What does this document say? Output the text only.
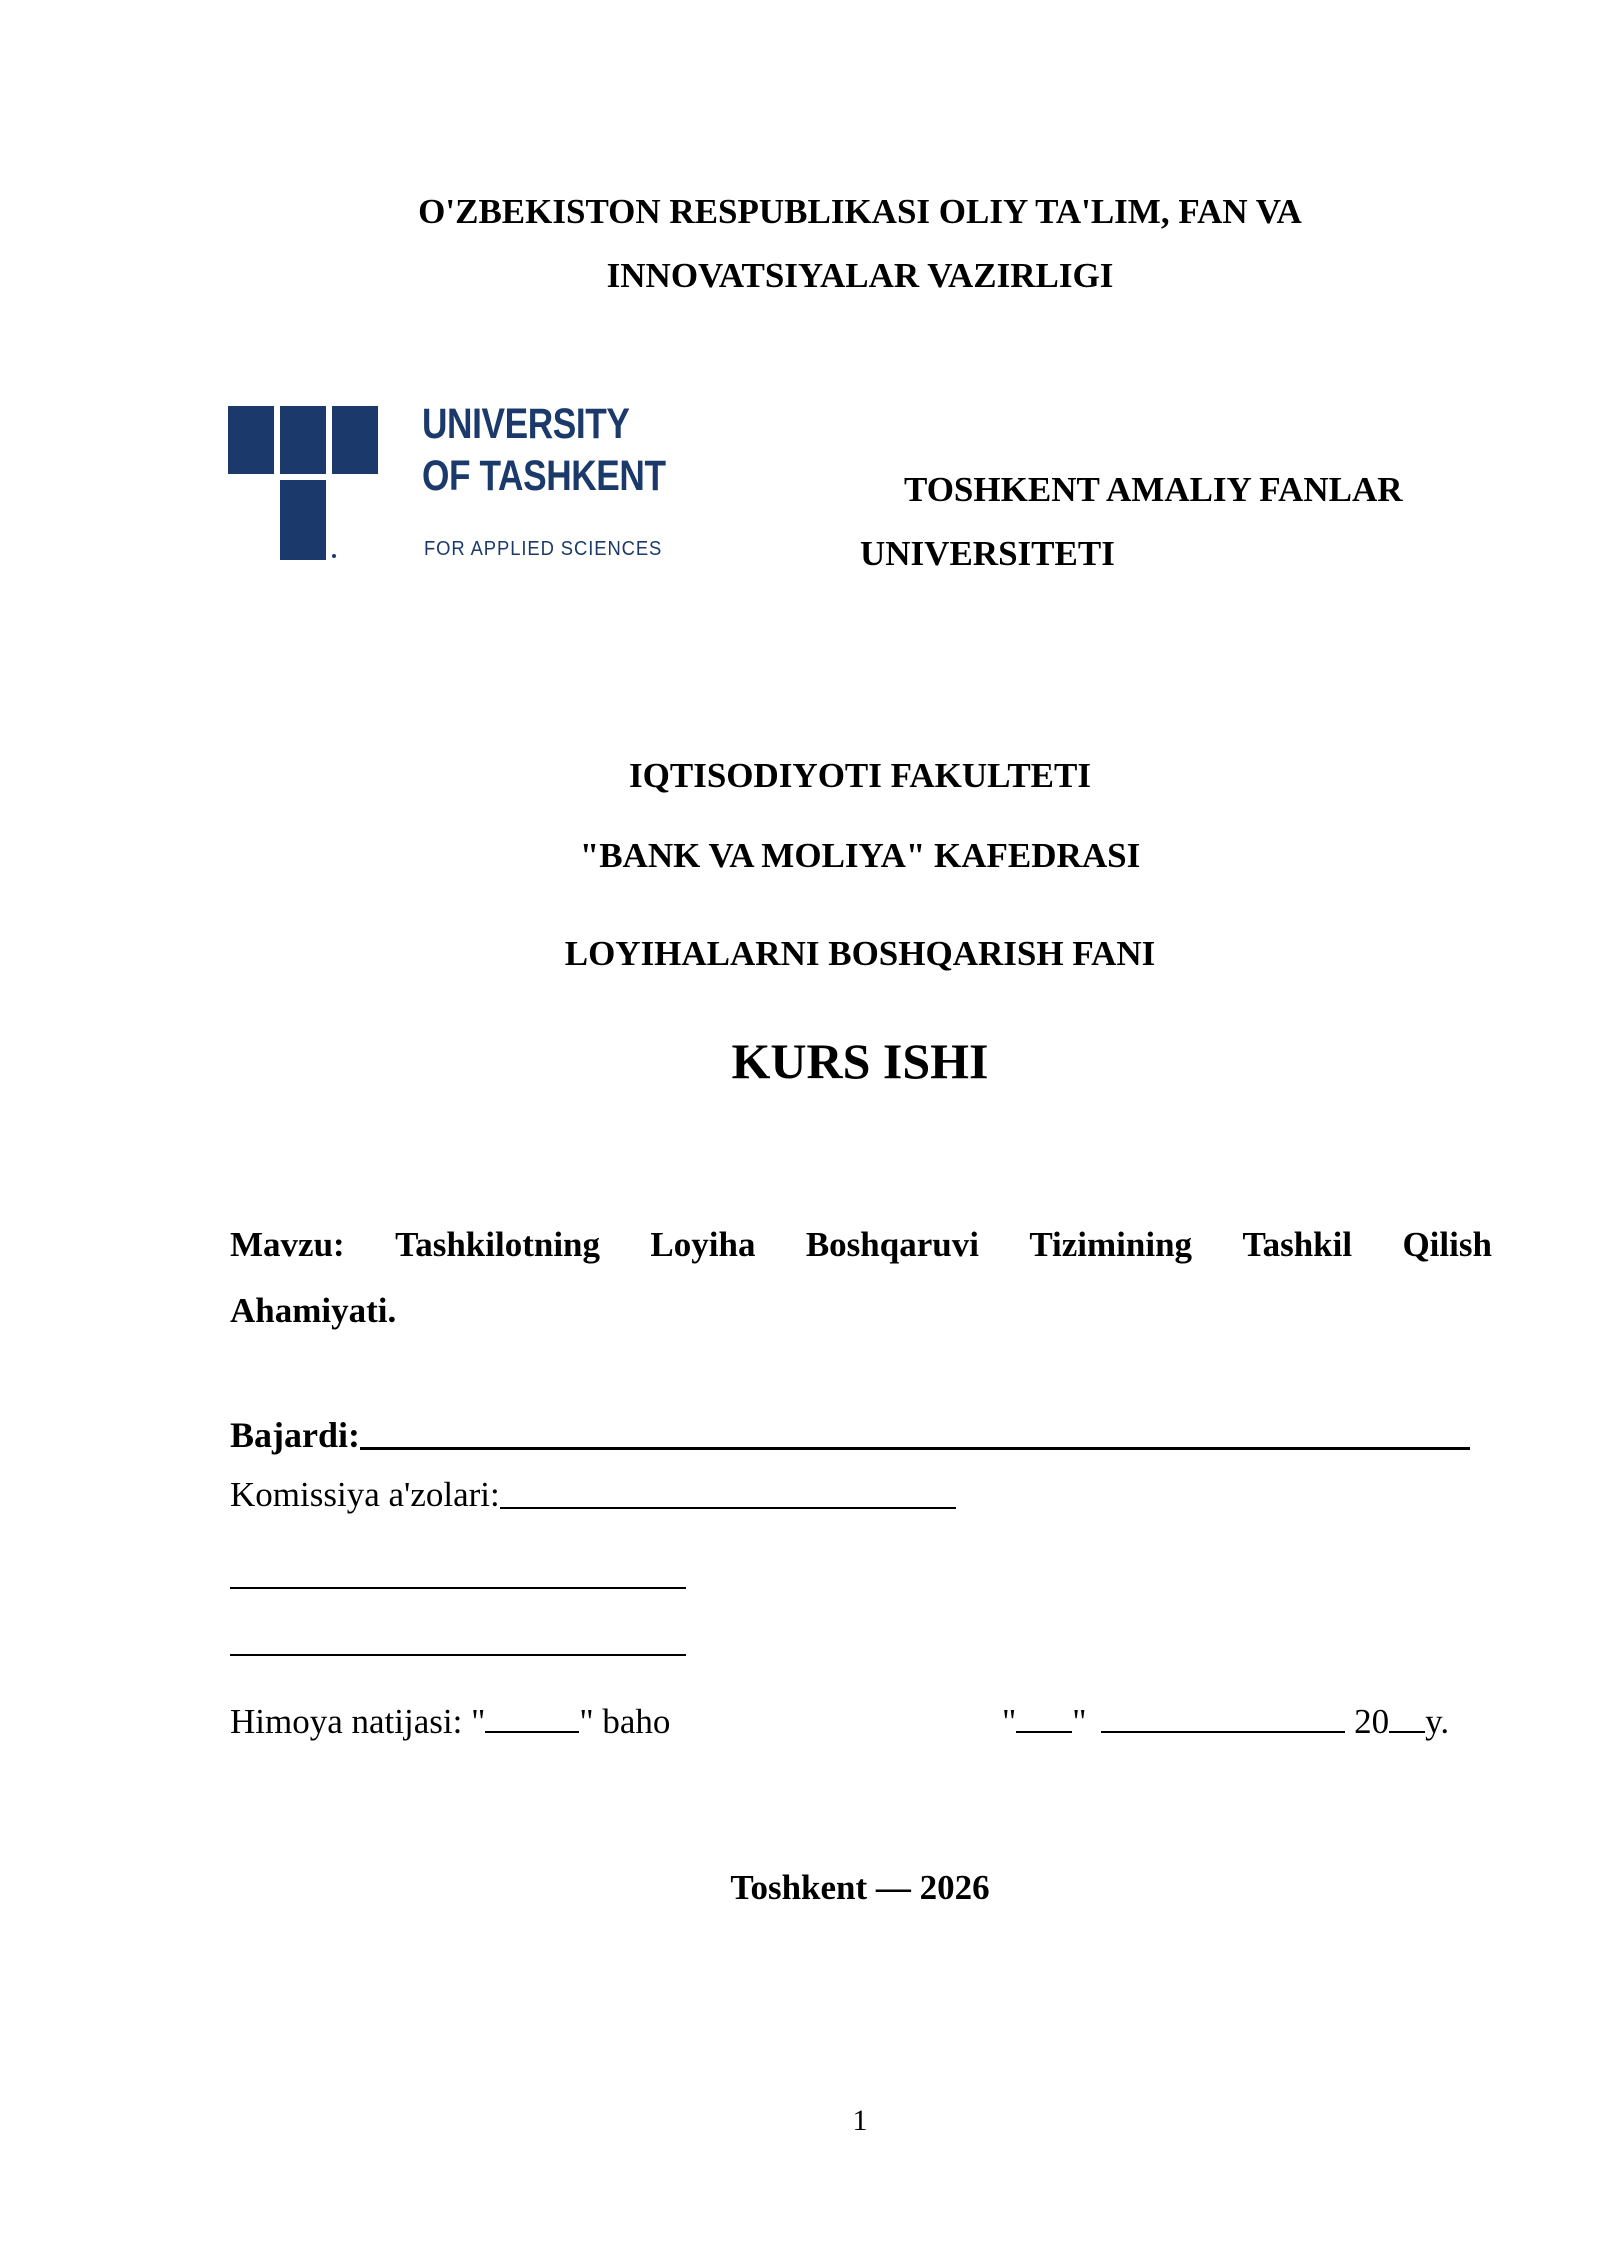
O'ZBEKISTON RESPUBLIKASI OLIY TA'LIM, FAN VA
INNOVATSIYALAR VAZIRLIGI
UNIVERSITY
OF TASHKENT
FOR APPLIED SCIENCES
TOSHKENT AMALIY FANLAR
UNIVERSITETI
IQTISODIYOTI FAKULTETI
"BANK VA MOLIYA" KAFEDRASI
LOYIHALARNI BOSHQARISH FANI
KURS ISHI
Mavzu: Tashkilotning Loyiha Boshqaruvi Tizimining Tashkil Qilish
Ahamiyati.
Bajardi:
Komissiya a'zolari:
Himoya natijasi: "	" baho	" "	20 y.
Toshkent — 2026
1
